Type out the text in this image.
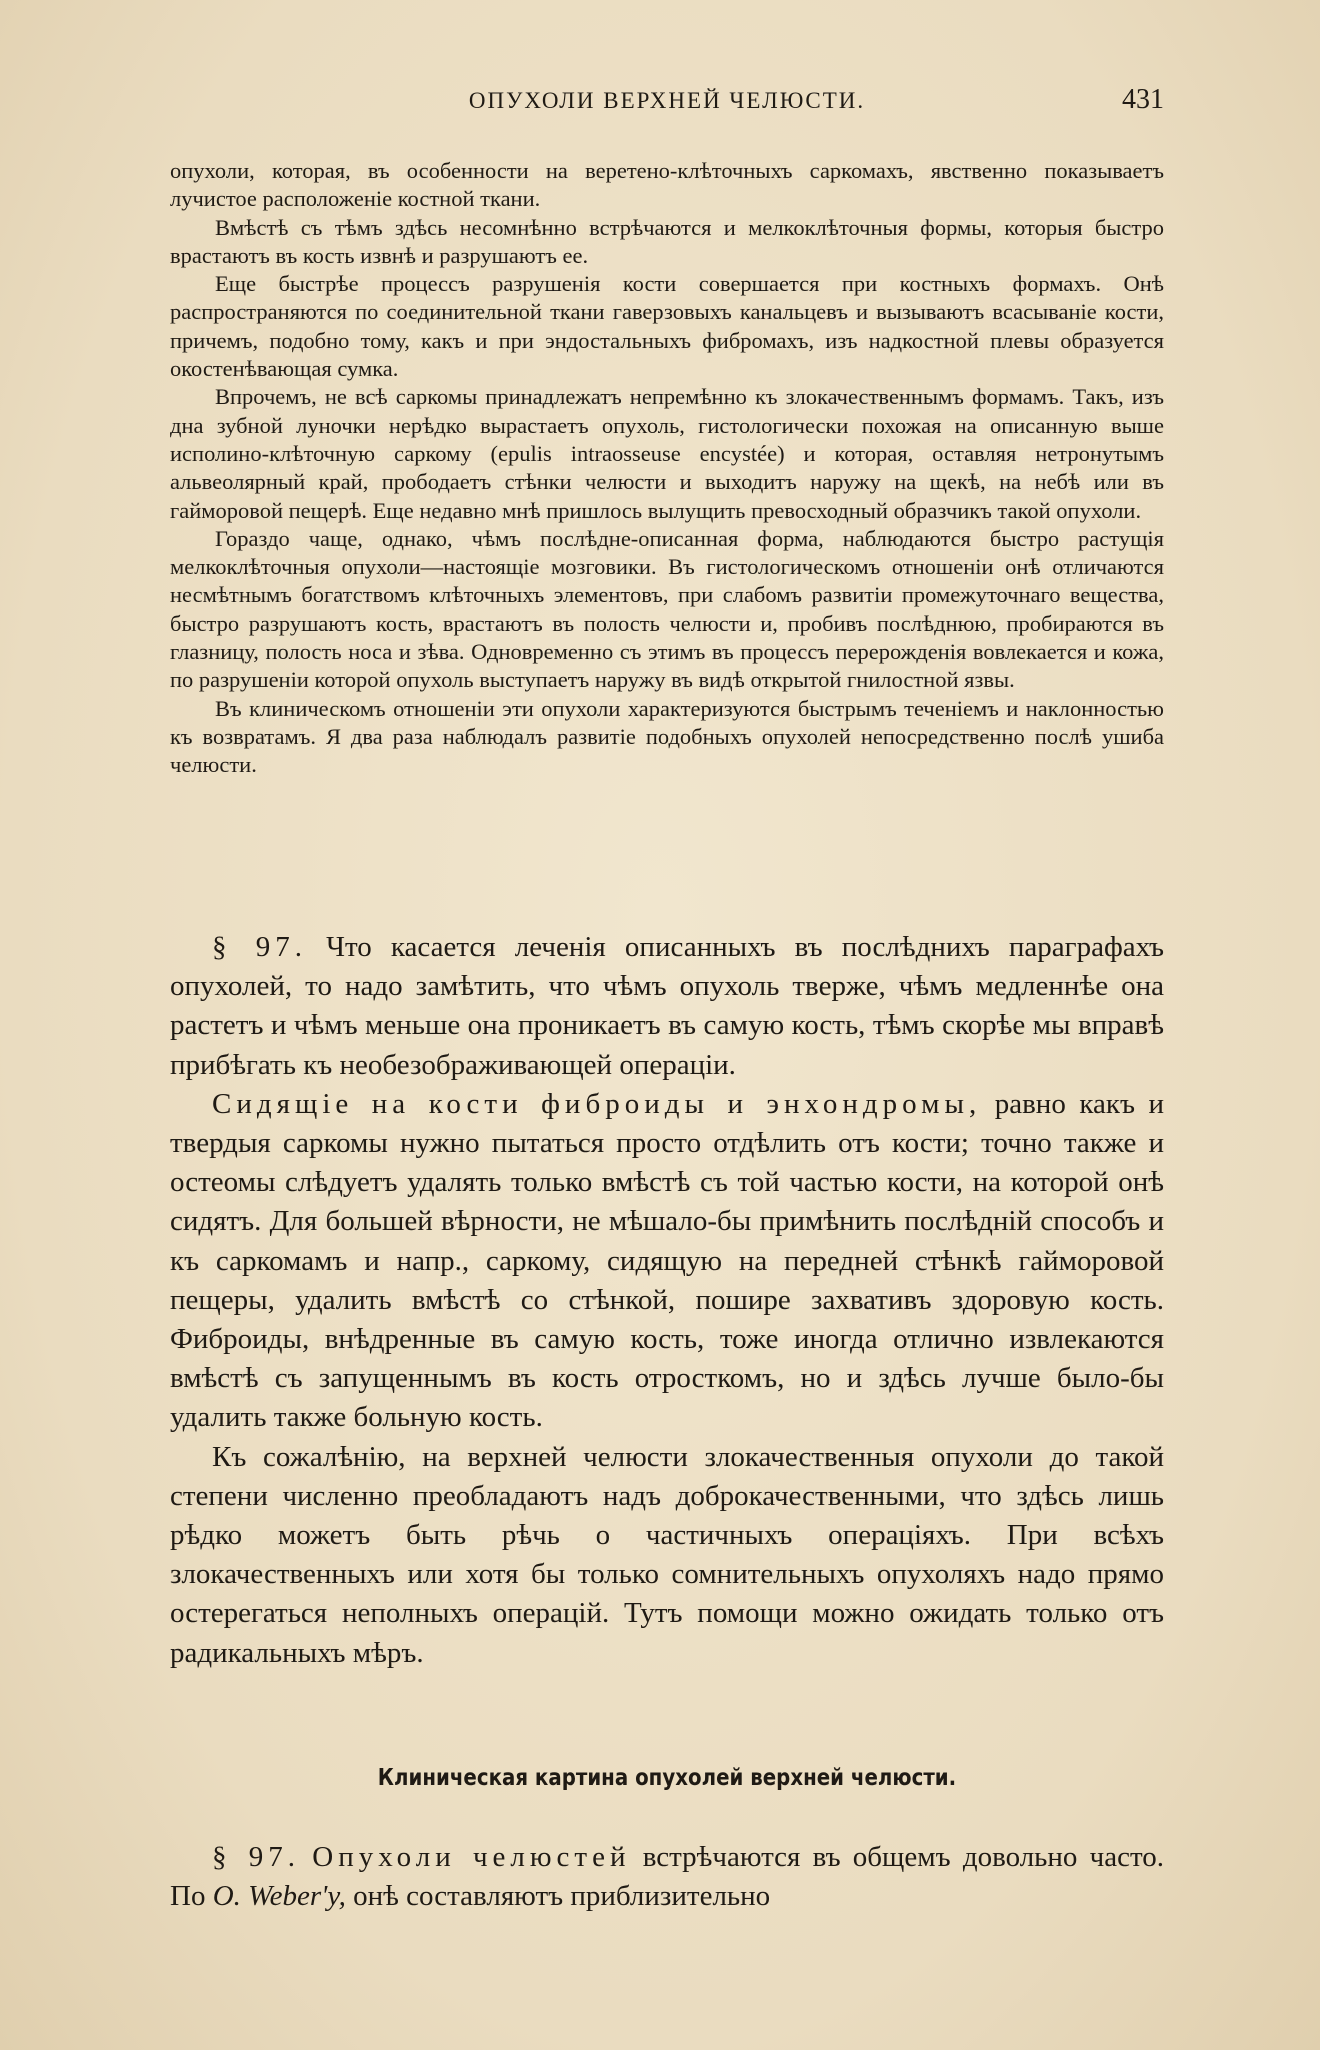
ОПУХОЛИ ВЕРХНЕЙ ЧЕЛЮСТИ.	431

опухоли, которая, въ особенности на веретено-клѣточныхъ саркомахъ, явственно показываетъ лучистое расположенiе костной ткани.

Вмѣстѣ съ тѣмъ здѣсь несомнѣнно встрѣчаются и мелкоклѣточныя формы, которыя быстро врастаютъ въ кость извнѣ и разрушаютъ ее.

Еще быстрѣе процессъ разрушенiя кости совершается при костныхъ формахъ. Онѣ распространяются по соединительной ткани гаверзовыхъ канальцевъ и вызываютъ всасыванiе кости, причемъ, подобно тому, какъ и при эндостальныхъ фибромахъ, изъ надкостной плевы образуется окостенѣвающая сумка.

Впрочемъ, не всѣ саркомы принадлежатъ непремѣнно къ злокачественнымъ формамъ. Такъ, изъ дна зубной луночки нерѣдко вырастаетъ опухоль, гистологически похожая на описанную выше исполино-клѣточную саркому (epulis intraosseuse encystée) и которая, оставляя нетронутымъ альвеолярный край, прободаетъ стѣнки челюсти и выходитъ наружу на щекѣ, на небѣ или въ гайморовой пещерѣ. Еще недавно мнѣ пришлось вылущить превосходный образчикъ такой опухоли.

Гораздо чаще, однако, чѣмъ послѣдне-описанная форма, наблюдаются быстро растущiя мелкоклѣточныя опухоли—настоящiе мозговики. Въ гистологическомъ отношенiи онѣ отличаются несмѣтнымъ богатствомъ клѣточныхъ элементовъ, при слабомъ развитiи промежуточнаго вещества, быстро разрушаютъ кость, врастаютъ въ полость челюсти и, пробивъ послѣднюю, пробираются въ глазницу, полость носа и зѣва. Одновременно съ этимъ въ процессъ перерожденiя вовлекается и кожа, по разрушенiи которой опухоль выступаетъ наружу въ видѣ открытой гнилостной язвы.

Въ клиническомъ отношенiи эти опухоли характеризуются быстрымъ теченiемъ и наклонностью къ возвратамъ. Я два раза наблюдалъ развитiе подобныхъ опухолей непосредственно послѣ ушиба челюсти.

§ 97. Что касается леченiя описанныхъ въ послѣднихъ параграфахъ опухолей, то надо замѣтить, что чѣмъ опухоль тверже, чѣмъ медленнѣе она растетъ и чѣмъ меньше она проникаетъ въ самую кость, тѣмъ скорѣе мы вправѣ прибѣгать къ необезображивающей операцiи.

Сидящiе на кости фиброиды и энхондромы, равно какъ и твердыя саркомы нужно пытаться просто отдѣлить отъ кости; точно также и остеомы слѣдуетъ удалять только вмѣстѣ съ той частью кости, на которой онѣ сидятъ. Для большей вѣрности, не мѣшало-бы примѣнить послѣднiй способъ и къ саркомамъ и напр., саркому, сидящую на передней стѣнкѣ гайморовой пещеры, удалить вмѣстѣ со стѣнкой, пошире захвативъ здоровую кость. Фиброиды, внѣдренные въ самую кость, тоже иногда отлично извлекаются вмѣстѣ съ запущеннымъ въ кость отросткомъ, но и здѣсь лучше было-бы удалить также больную кость.

Къ сожалѣнiю, на верхней челюсти злокачественныя опухоли до такой степени численно преобладаютъ надъ доброкачественными, что здѣсь лишь рѣдко можетъ быть рѣчь о частичныхъ операцiяхъ. При всѣхъ злокачественныхъ или хотя бы только сомнительныхъ опухоляхъ надо прямо остерегаться неполныхъ операцiй. Тутъ помощи можно ожидать только отъ радикальныхъ мѣръ.

Клиническая картина опухолей верхней челюсти.

§ 97. Опухоли челюстей встрѣчаются въ общемъ довольно часто. По O. Weber'y, онѣ составляютъ приблизительно
